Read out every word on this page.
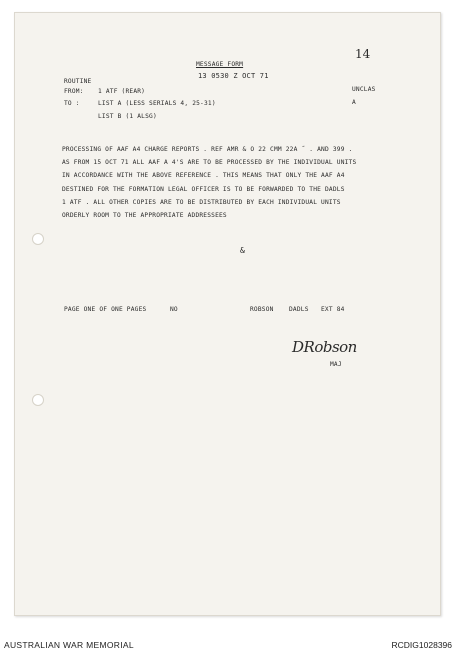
14
MESSAGE FORM
13 0530 Z OCT 71
ROUTINE
UNCLAS
FROM: 1 ATF (REAR)
A
TO :	LIST A (LESS SERIALS 4, 25-31)
LIST B (1 ALSG)
PROCESSING OF AAF A4 CHARGE REPORTS . REF AMR & O 22 CMM 22A ˝ . AND 399 .
AS FROM 15 OCT 71 ALL AAF A 4'S ARE TO BE PROCESSED BY THE INDIVIDUAL UNITS
IN ACCORDANCE WITH THE ABOVE REFERENCE . THIS MEANS THAT ONLY THE AAF A4
DESTINED FOR THE FORMATION LEGAL OFFICER IS TO BE FORWARDED TO THE DADLS
1 ATF . ALL OTHER COPIES ARE TO BE DISTRIBUTED BY EACH INDIVIDUAL UNITS
ORDERLY ROOM TO THE APPROPRIATE ADDRESSEES
&
PAGE ONE OF ONE PAGES	NO	ROBSON DADLS EXT 84
DRobson
MAJ
AUSTRALIAN WAR MEMORIAL	RCDIG1028396
